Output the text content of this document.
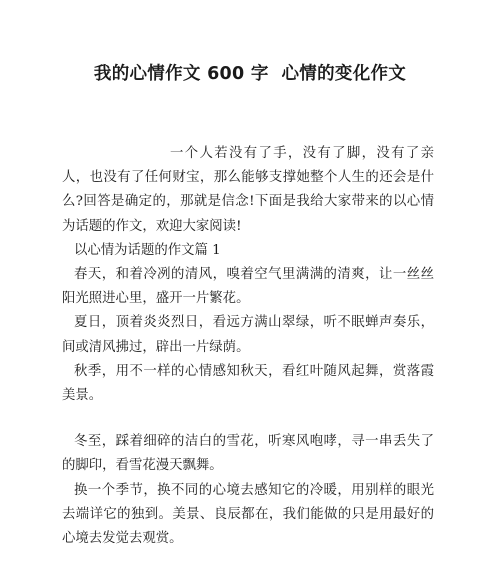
我的心情作文 600 字  心情的变化作文

一个人若没有了手，没有了脚，没有了亲人，也没有了任何财宝，那么能够支撑她整个人生的还会是什么?回答是确定的，那就是信念!下面是我给大家带来的以心情为话题的作文，欢迎大家阅读!

以心情为话题的作文篇 1

春天，和着冷冽的清风，嗅着空气里满满的清爽，让一丝丝阳光照进心里，盛开一片繁花。

夏日，顶着炎炎烈日，看远方满山翠绿，听不眠蝉声奏乐，间或清风拂过，辟出一片绿荫。

秋季，用不一样的心情感知秋天，看红叶随风起舞，赏落霞美景。

冬至，踩着细碎的洁白的雪花，听寒风咆哮，寻一串丢失了的脚印，看雪花漫天飘舞。

换一个季节，换不同的心境去感知它的冷暖，用别样的眼光去端详它的独到。美景、良辰都在，我们能做的只是用最好的心境去发觉去观赏。
